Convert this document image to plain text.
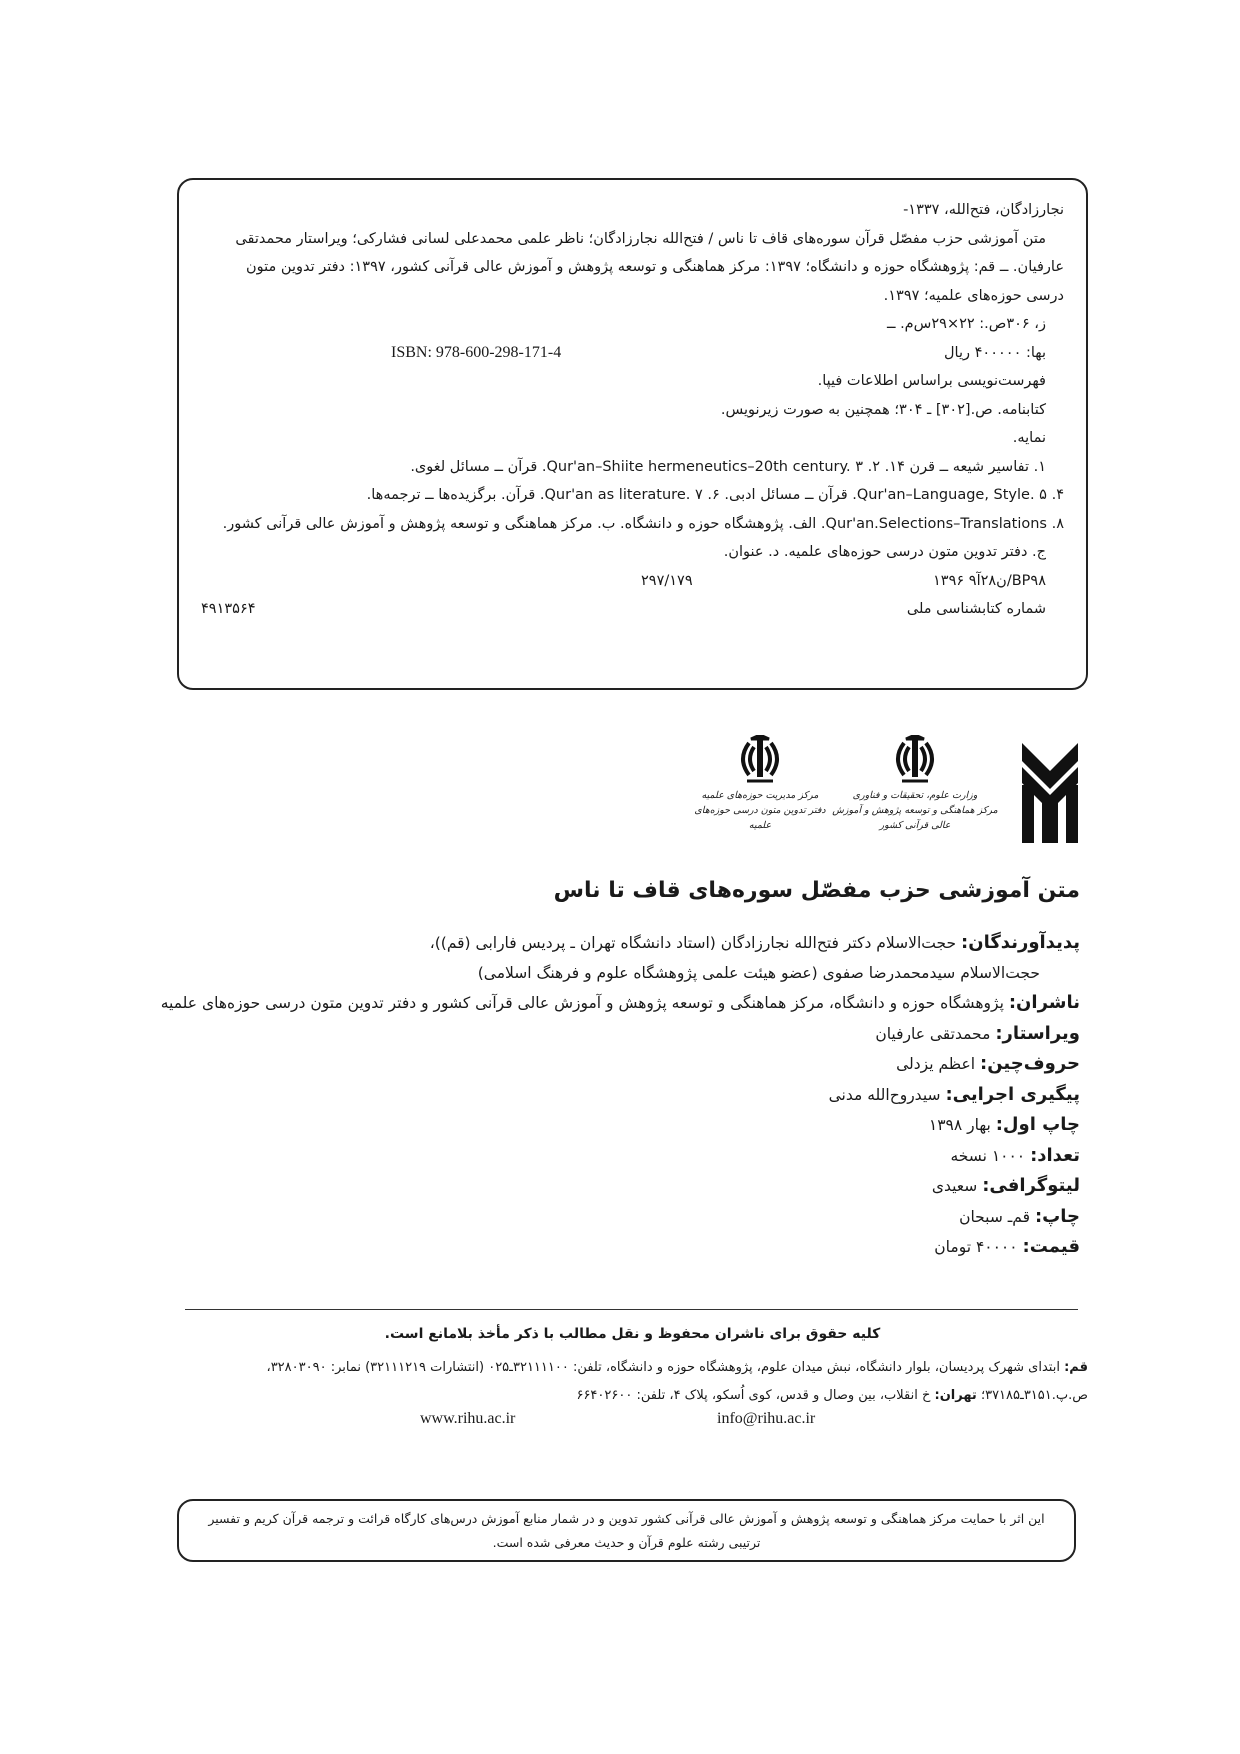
نجارزادگان، فتح‌الله، ۱۳۳۷-
متن آموزشی حزب مفصّل قرآن سوره‌های قاف تا ناس / فتح‌الله نجارزادگان؛ ناظر علمی محمدعلی لسانی فشارکی؛ ویراستار محمدتقی
عارفیان. ــ قم: پژوهشگاه حوزه و دانشگاه؛ ۱۳۹۷: مرکز هماهنگی و توسعه پژوهش و آموزش عالی قرآنی کشور، ۱۳۹۷: دفتر تدوین متون
درسی حوزه‌های علمیه؛ ۱۳۹۷.
ز، ۳۰۶ص.: ۲۲×۲۹س‌م. ــ
بها: ۴۰۰۰۰۰ ریال
ISBN: 978-600-298-171-4
فهرست‌نویسی براساس اطلاعات فیپا.
کتابنامه. ص.[۳۰۲] ـ ۳۰۴؛ همچنین به صورت زیرنویس.
نمایه.
۱. تفاسیر شیعه ــ قرن ۱۴. ۲. Qur'an–Shiite hermeneutics–20th century. ۳. قرآن ــ مسائل لغوی.
۴. Qur'an–Language, Style. ۵. قرآن ــ مسائل ادبی. ۶. Qur'an as literature. ۷. قرآن. برگزیده‌ها ــ ترجمه‌ها.
۸. Qur'an.Selections–Translations. الف. پژوهشگاه حوزه و دانشگاه. ب. مرکز هماهنگی و توسعه پژوهش و آموزش عالی قرآنی کشور.
ج. دفتر تدوین متون درسی حوزه‌های علمیه. د. عنوان.
BP۹۸/ن۲۸آ۹ ۱۳۹۶
۲۹۷/۱۷۹
شماره کتابشناسی ملی
۴۹۱۳۵۶۴
وزارت علوم، تحقیقات و فناوری
مرکز هماهنگی و توسعه پژوهش و آموزش عالی قرآنی کشور
مرکز مدیریت حوزه‌های علمیه
دفتر تدوین متون درسی حوزه‌های علمیه
متن آموزشی حزب مفصّل سوره‌های قاف تا ناس
پدیدآورندگان: حجت‌الاسلام دکتر فتح‌الله نجارزادگان (استاد دانشگاه تهران ـ پردیس فارابی (قم))،
حجت‌الاسلام سیدمحمدرضا صفوی (عضو هیئت علمی پژوهشگاه علوم و فرهنگ اسلامی)
ناشران: پژوهشگاه حوزه و دانشگاه، مرکز هماهنگی و توسعه پژوهش و آموزش عالی قرآنی کشور و دفتر تدوین متون درسی حوزه‌های علمیه
ویراستار: محمدتقی عارفیان
حروف‌چین: اعظم یزدلی
پیگیری اجرایی: سیدروح‌الله مدنی
چاپ اول: بهار ۱۳۹۸
تعداد: ۱۰۰۰ نسخه
لیتوگرافی: سعیدی
چاپ: قم‌ـ سبحان
قیمت: ۴۰۰۰۰ تومان
کلیه حقوق برای ناشران محفوظ و نقل مطالب با ذکر مأخذ بلامانع است.
قم: ابتدای شهرک پردیسان، بلوار دانشگاه، نبش میدان علوم، پژوهشگاه حوزه و دانشگاه، تلفن: ۳۲۱۱۱۱۰۰ـ۰۲۵ (انتشارات ۳۲۱۱۱۲۱۹) نمابر: ۳۲۸۰۳۰۹۰،
ص.پ.۳۱۵۱ـ۳۷۱۸۵؛ تهران: خ انقلاب، بین وصال و قدس، کوی اُسکو، پلاک ۴، تلفن: ۶۶۴۰۲۶۰۰
www.rihu.ac.ir	info@rihu.ac.ir
این اثر با حمایت مرکز هماهنگی و توسعه پژوهش و آموزش عالی قرآنی کشور تدوین و در شمار منابع آموزش درس‌های کارگاه قرائت و ترجمه قرآن کریم و تفسیر ترتیبی رشته علوم قرآن و حدیث معرفی شده است.
